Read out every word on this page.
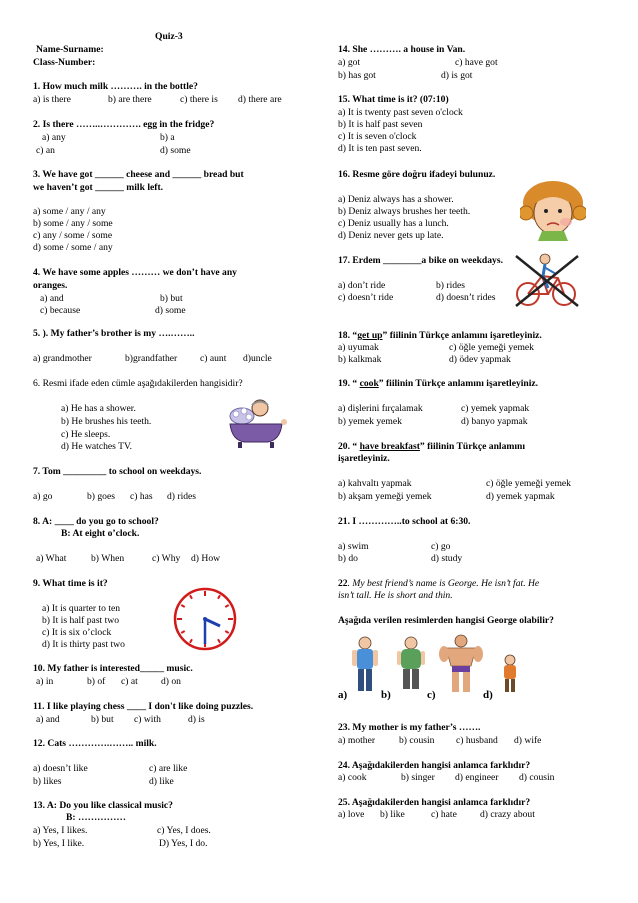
Quiz-3
Name-Surname:
Class-Number:
1. How much milk ………. in the bottle?
a) is there	b) are there	c) there is d) there are
2. Is there ……..…………. egg in the fridge?
a) any	b) a
c) an	d) some
3. We have got ______ cheese and ______ bread but
we haven’t got ______ milk left.
a) some / any / any
b) some / any / some
c) any / some / some
d) some / some / any
4. We have some apples ……… we don’t have any
oranges.
a) and	b) but
c) because	d) some
5. ). My father’s brother is my ….……..
a) grandmother	b)grandfather c) aunt d)uncle
6. Resmi ifade eden cümle aşağıdakilerden hangisidir?
a) He has a shower.
b) He brushes his teeth.
c) He sleeps.
d) He watches TV.
7. Tom _________ to school on weekdays.
a) go	b) goes c) has d) rides
8. A: ____ do you go to school?
B: At eight o’clock.
a) What	b) When	c) Why d) How
9. What time is it?
a) It is quarter to ten
b) It is half past two
c) It is six o’clock
d) It is thirty past two
10. My father is interested_____ music.
a) in	b) of c) at d) on
11. I like playing chess ____ I don't like doing puzzles.
a) and	b) but c) with	d) is
12. Cats ………….…….. milk.
a) doesn’t like	c) are like
b) likes	d) like
13. A: Do you like classical music?
B: ……………
a) Yes, I likes.	c) Yes, I does.
b) Yes, I like.	D) Yes, I do.
14. She ………. a house in Van.
a) got	c) have got
b) has got	d) is got
15. What time is it? (07:10)
a) It is twenty past seven o'clock
b) It is half past seven
c) It is seven o'clock
d) It is ten past seven.
16. Resme göre doğru ifadeyi bulunuz.
a) Deniz always has a shower.
b) Deniz always brushes her teeth.
c) Deniz usually has a lunch.
d) Deniz never gets up late.
17. Erdem ________a bike on weekdays.
a) don’t ride	b) rides
c) doesn’t ride	d) doesn’t rides
18. “get up” fiilinin Türkçe anlamını işaretleyiniz.
a) uyumak	c) öğle yemeği yemek
b) kalkmak	d) ödev yapmak
19. “ cook” fiilinin Türkçe anlamını işaretleyiniz.
a) dişlerini fırçalamak	c) yemek yapmak
b) yemek yemek	d) banyo yapmak
20. “ have breakfast” fiilinin Türkçe anlamını
işaretleyiniz.
a) kahvaltı yapmak	c) öğle yemeği yemek
b) akşam yemeği yemek	d) yemek yapmak
21. I …………..to school at 6:30.
a) swim	c) go
b) do	d) study
22. My best friend’s name is George. He isn’t fat. He
isn’t tall. He is short and thin.
Aşağıda verilen resimlerden hangisi George olabilir?
a)	b)	c)	d)
23. My mother is my father’s …….
a) mother b) cousin c) husband d) wife
24. Aşağıdakilerden hangisi anlamca farklıdır?
a) cook	b) singer d) engineer d) cousin
25. Aşağıdakilerden hangisi anlamca farklıdır?
a) love b) like	c) hate d) crazy about
